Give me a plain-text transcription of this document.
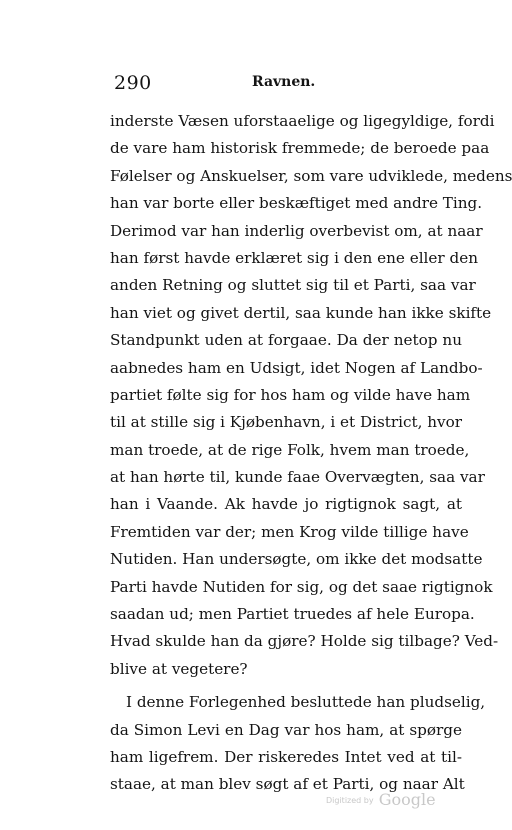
290	Ravnen.
inderste Væsen uforstaaelige og ligegyldige, fordi
de vare ham historisk fremmede; de beroede paa
Følelser og Anskuelser, som vare udviklede, medens
han var borte eller beskæftiget med andre Ting.
Derimod var han inderlig overbevist om, at naar
han først havde erklæret sig i den ene eller den
anden Retning og sluttet sig til et Parti, saa var
han viet og givet dertil, saa kunde han ikke skifte
Standpunkt uden at forgaae. Da der netop nu
aabnedes ham en Udsigt, idet Nogen af Landbo-
partiet følte sig for hos ham og vilde have ham
til at stille sig i Kjøbenhavn, i et District, hvor
man troede, at de rige Folk, hvem man troede,
at han hørte til, kunde faae Overvægten, saa var
han i Vaande. Ak havde jo rigtignok sagt, at
Fremtiden var der; men Krog vilde tillige have
Nutiden. Han undersøgte, om ikke det modsatte
Parti havde Nutiden for sig, og det saae rigtignok
saadan ud; men Partiet truedes af hele Europa.
Hvad skulde han da gjøre? Holde sig tilbage? Ved-
blive at vegetere?
I denne Forlegenhed besluttede han pludselig,
da Simon Levi en Dag var hos ham, at spørge
ham ligefrem. Der riskeredes Intet ved at til-
staae, at man blev søgt af et Parti, og naar Alt
Digitized by Google
